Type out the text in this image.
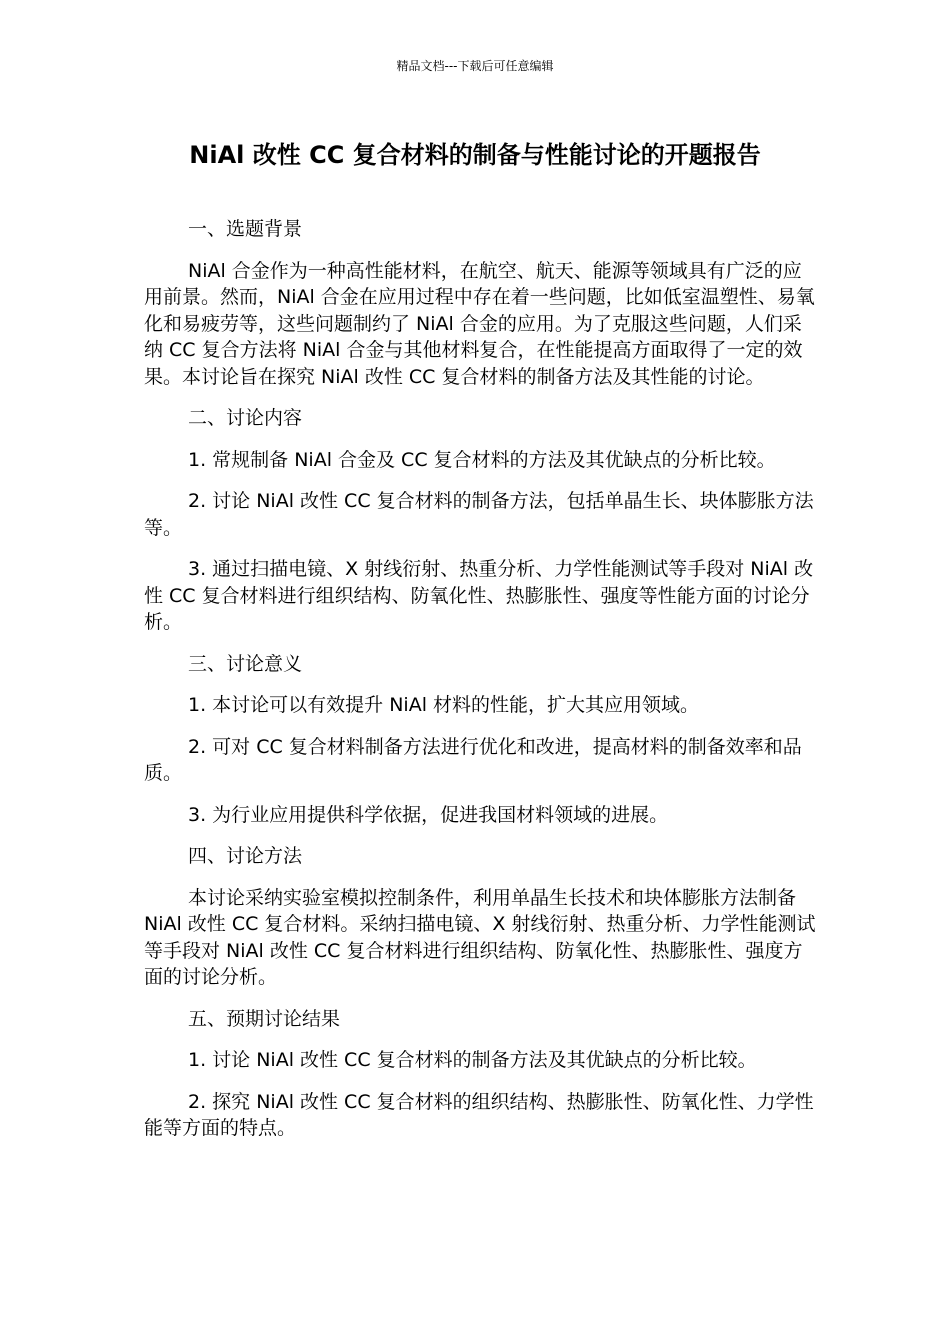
精品文档---下载后可任意编辑
NiAl 改性 CC 复合材料的制备与性能讨论的开题报告

一、选题背景

NiAl 合金作为一种高性能材料，在航空、航天、能源等领域具有广泛的应用前景。然而，NiAl 合金在应用过程中存在着一些问题，比如低室温塑性、易氧化和易疲劳等，这些问题制约了 NiAl 合金的应用。为了克服这些问题，人们采纳 CC 复合方法将 NiAl 合金与其他材料复合，在性能提高方面取得了一定的效果。本讨论旨在探究 NiAl 改性 CC 复合材料的制备方法及其性能的讨论。

二、讨论内容

1. 常规制备 NiAl 合金及 CC 复合材料的方法及其优缺点的分析比较。

2. 讨论 NiAl 改性 CC 复合材料的制备方法，包括单晶生长、块体膨胀方法等。

3. 通过扫描电镜、X 射线衍射、热重分析、力学性能测试等手段对 NiAl 改性 CC 复合材料进行组织结构、防氧化性、热膨胀性、强度等性能方面的讨论分析。

三、讨论意义

1. 本讨论可以有效提升 NiAl 材料的性能，扩大其应用领域。

2. 可对 CC 复合材料制备方法进行优化和改进，提高材料的制备效率和品质。

3. 为行业应用提供科学依据，促进我国材料领域的进展。

四、讨论方法

本讨论采纳实验室模拟控制条件，利用单晶生长技术和块体膨胀方法制备 NiAl 改性 CC 复合材料。采纳扫描电镜、X 射线衍射、热重分析、力学性能测试等手段对 NiAl 改性 CC 复合材料进行组织结构、防氧化性、热膨胀性、强度方面的讨论分析。

五、预期讨论结果

1. 讨论 NiAl 改性 CC 复合材料的制备方法及其优缺点的分析比较。

2. 探究 NiAl 改性 CC 复合材料的组织结构、热膨胀性、防氧化性、力学性能等方面的特点。
